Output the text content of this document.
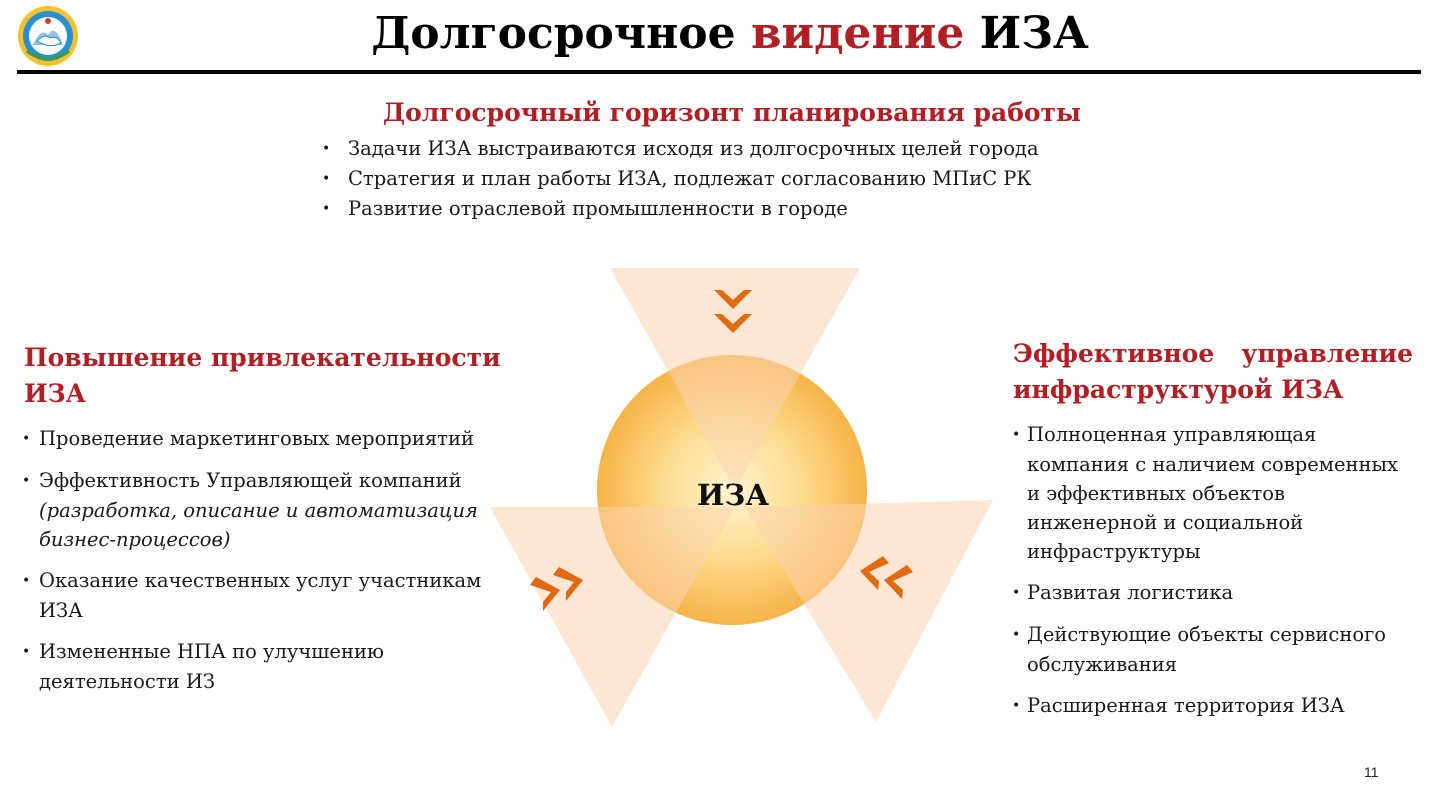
Долгосрочное видение ИЗА
Долгосрочный горизонт планирования работы
• Задачи ИЗА выстраиваются исходя из долгосрочных целей города
• Стратегия и план работы ИЗА, подлежат согласованию МПиС РК
• Развитие отраслевой промышленности в городе
ИЗА
Повышение привлекательности ИЗА
• Проведение маркетинговых мероприятий
• Эффективность Управляющей компаний
(разработка, описание и автоматизация бизнес-процессов)
• Оказание качественных услуг участникам ИЗА
• Измененные НПА по улучшению деятельности ИЗ
Эффективное управление
инфраструктурой ИЗА
• Полноценная управляющая компания с наличием современных и эффективных объектов инженерной и социальной инфраструктуры
• Развитая логистика
• Действующие объекты сервисного обслуживания
• Расширенная территория ИЗА
11
